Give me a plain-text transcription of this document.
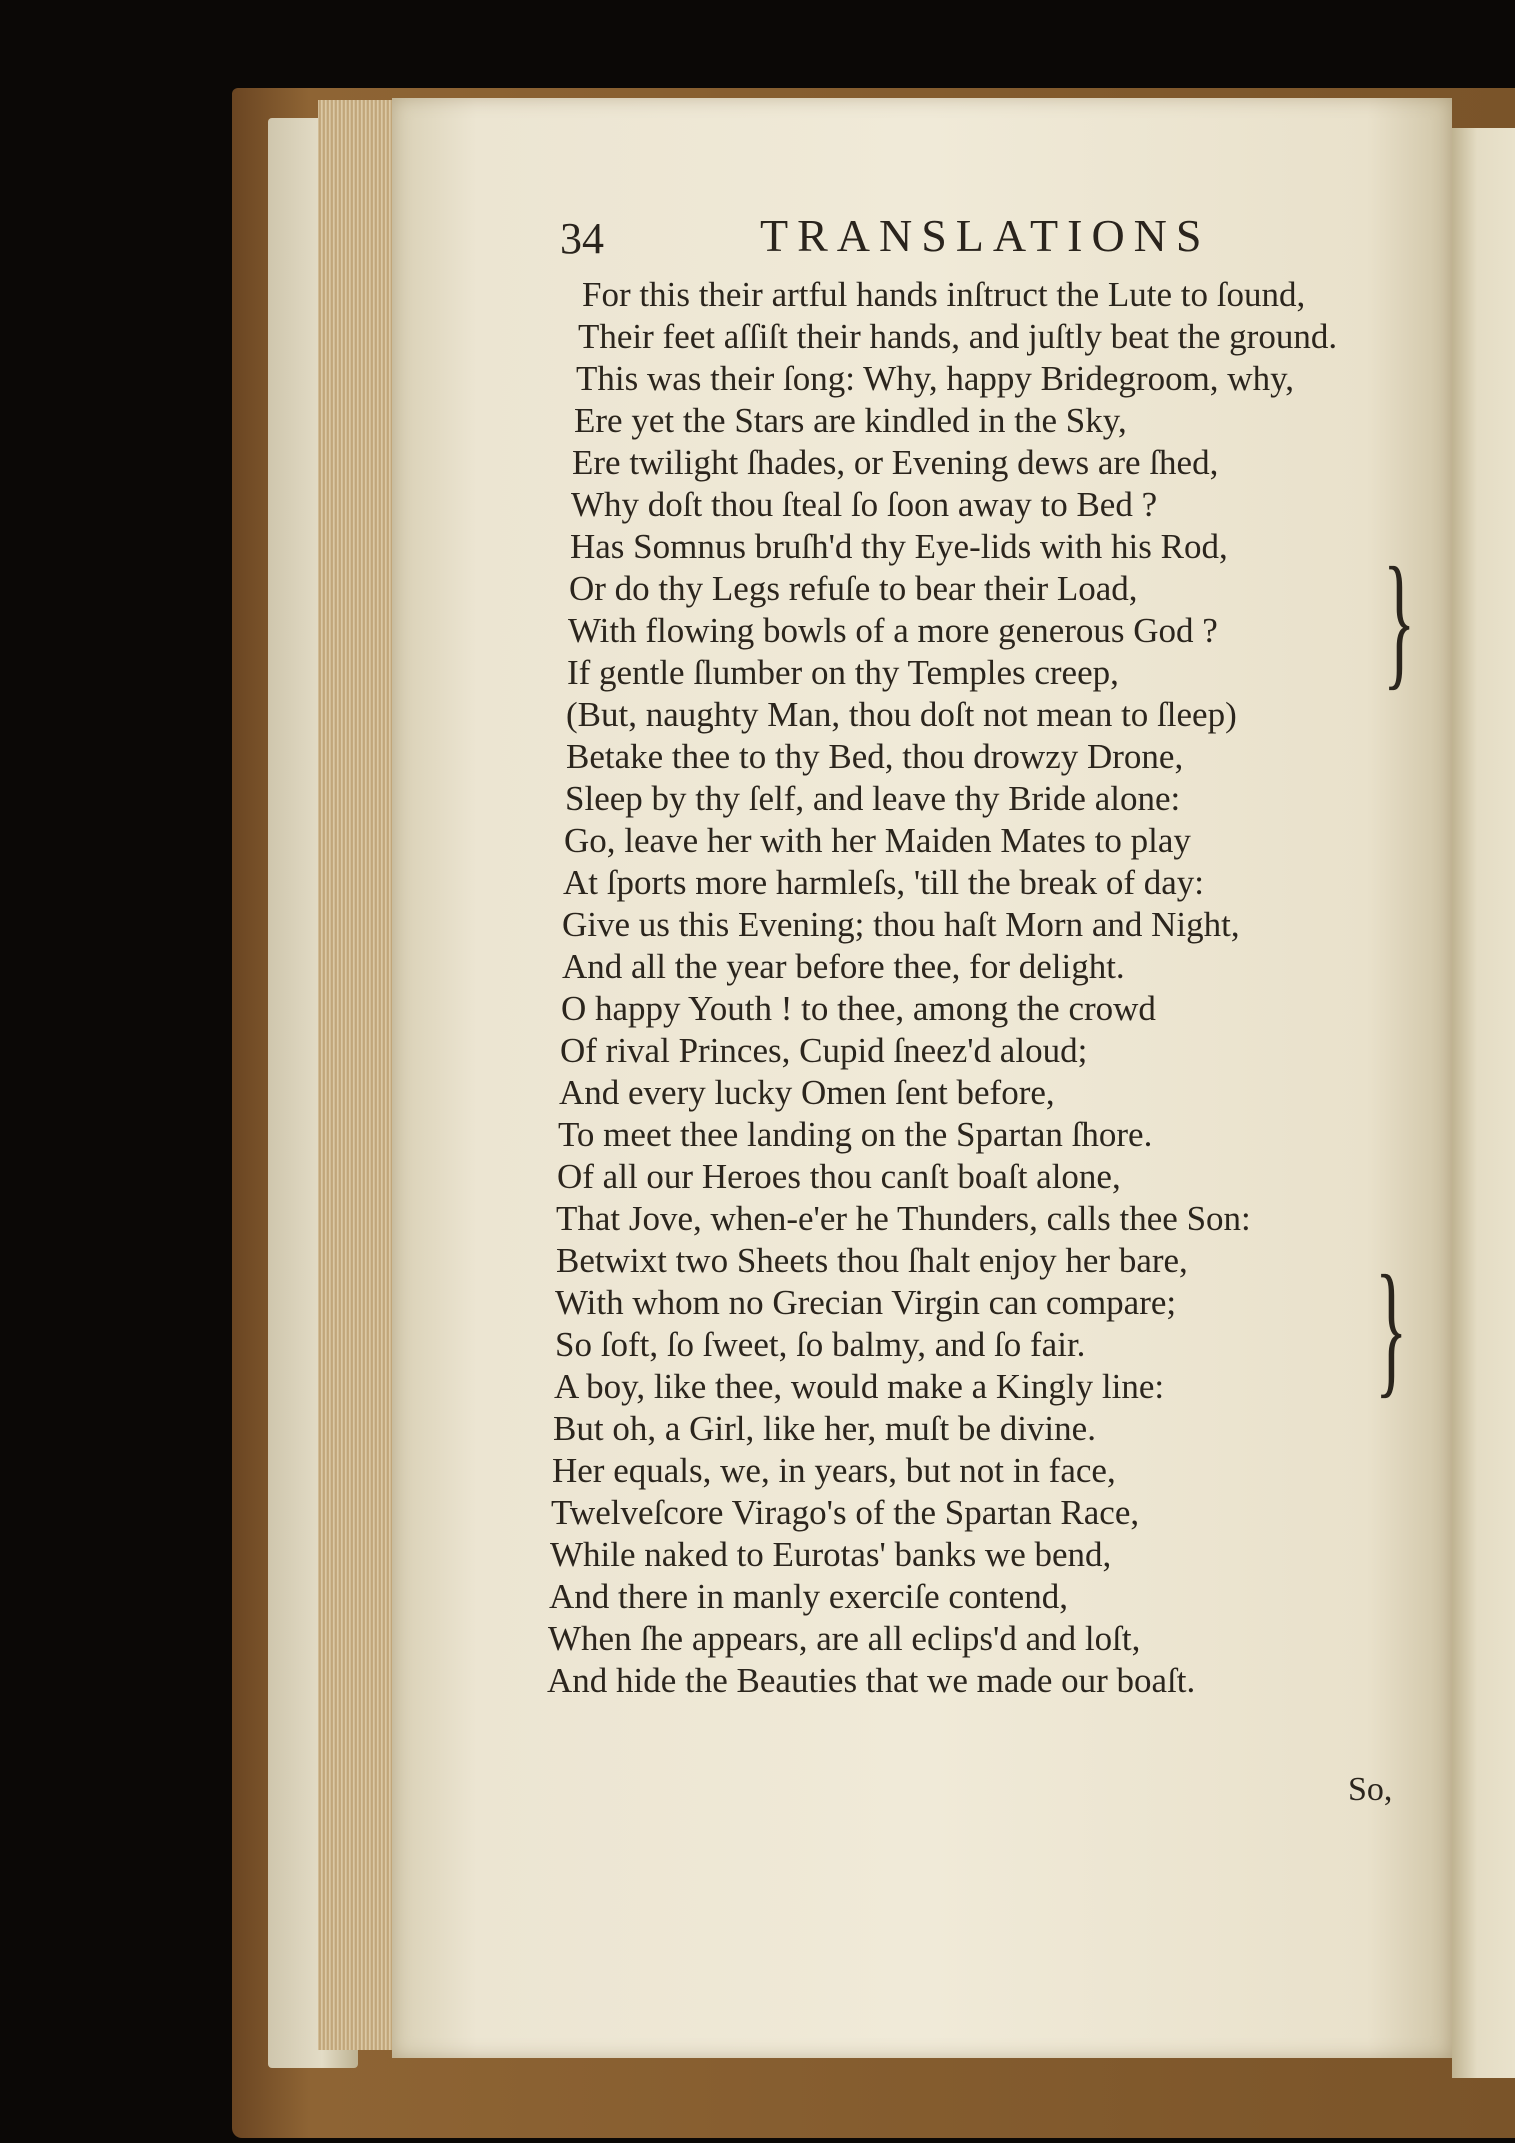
34	TRANSLATIONS
For this their artful hands inſtruct the Lute to ſound,
Their feet aſſiſt their hands, and juſtly beat the ground.
This was their ſong: Why, happy Bridegroom, why,
Ere yet the Stars are kindled in the Sky,
Ere twilight ſhades, or Evening dews are ſhed,
Why doſt thou ſteal ſo ſoon away to Bed ?
Has Somnus bruſh'd thy Eye-lids with his Rod,
Or do thy Legs refuſe to bear their Load,
With flowing bowls of a more generous God ?
If gentle ſlumber on thy Temples creep,
(But, naughty Man, thou doſt not mean to ſleep)
Betake thee to thy Bed, thou drowzy Drone,
Sleep by thy ſelf, and leave thy Bride alone:
Go, leave her with her Maiden Mates to play
At ſports more harmleſs, 'till the break of day:
Give us this Evening; thou haſt Morn and Night,
And all the year before thee, for delight.
O happy Youth ! to thee, among the crowd
Of rival Princes, Cupid ſneez'd aloud;
And every lucky Omen ſent before,
To meet thee landing on the Spartan ſhore.
Of all our Heroes thou canſt boaſt alone,
That Jove, when-e'er he Thunders, calls thee Son:
Betwixt two Sheets thou ſhalt enjoy her bare,
With whom no Grecian Virgin can compare;
So ſoft, ſo ſweet, ſo balmy, and ſo fair.
A boy, like thee, would make a Kingly line:
But oh, a Girl, like her, muſt be divine.
Her equals, we, in years, but not in face,
Twelveſcore Virago's of the Spartan Race,
While naked to Eurotas' banks we bend,
And there in manly exerciſe contend,
When ſhe appears, are all eclips'd and loſt,
And hide the Beauties that we made our boaſt.
}
}
So,
